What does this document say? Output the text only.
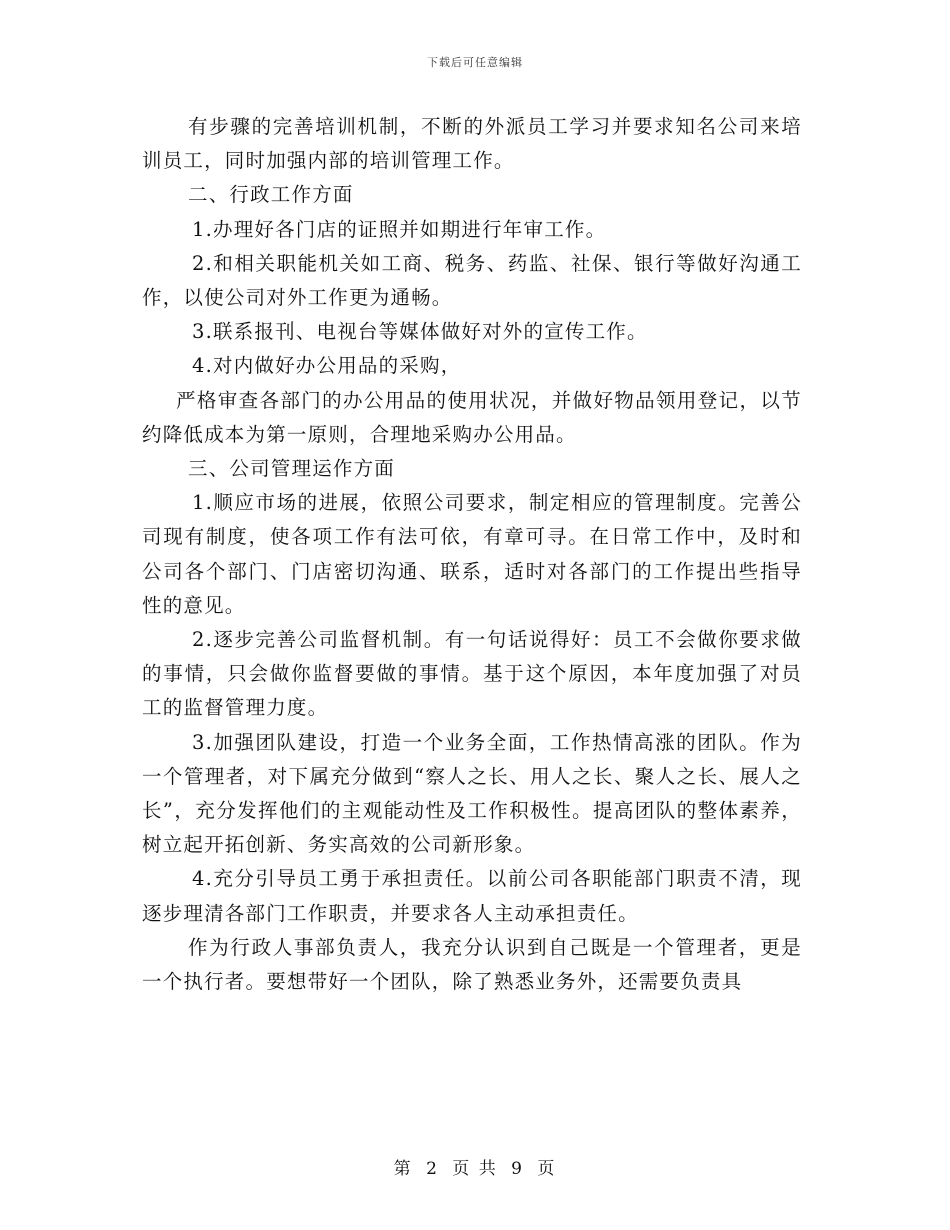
下载后可任意编辑

有步骤的完善培训机制，不断的外派员工学习并要求知名公司来培训员工，同时加强内部的培训管理工作。

二、行政工作方面

1.办理好各门店的证照并如期进行年审工作。

2.和相关职能机关如工商、税务、药监、社保、银行等做好沟通工作，以使公司对外工作更为通畅。

3.联系报刊、电视台等媒体做好对外的宣传工作。

4.对内做好办公用品的采购，

严格审查各部门的办公用品的使用状况，并做好物品领用登记，以节约降低成本为第一原则，合理地采购办公用品。

三、公司管理运作方面

1.顺应市场的进展，依照公司要求，制定相应的管理制度。完善公司现有制度，使各项工作有法可依，有章可寻。在日常工作中，及时和公司各个部门、门店密切沟通、联系，适时对各部门的工作提出些指导性的意见。

2.逐步完善公司监督机制。有一句话说得好：员工不会做你要求做的事情，只会做你监督要做的事情。基于这个原因，本年度加强了对员工的监督管理力度。

3.加强团队建设，打造一个业务全面，工作热情高涨的团队。作为一个管理者，对下属充分做到“察人之长、用人之长、聚人之长、展人之长”，充分发挥他们的主观能动性及工作积极性。提高团队的整体素养，树立起开拓创新、务实高效的公司新形象。

4.充分引导员工勇于承担责任。以前公司各职能部门职责不清，现逐步理清各部门工作职责，并要求各人主动承担责任。

作为行政人事部负责人，我充分认识到自己既是一个管理者，更是一个执行者。要想带好一个团队，除了熟悉业务外，还需要负责具

第 2 页 共 9 页
